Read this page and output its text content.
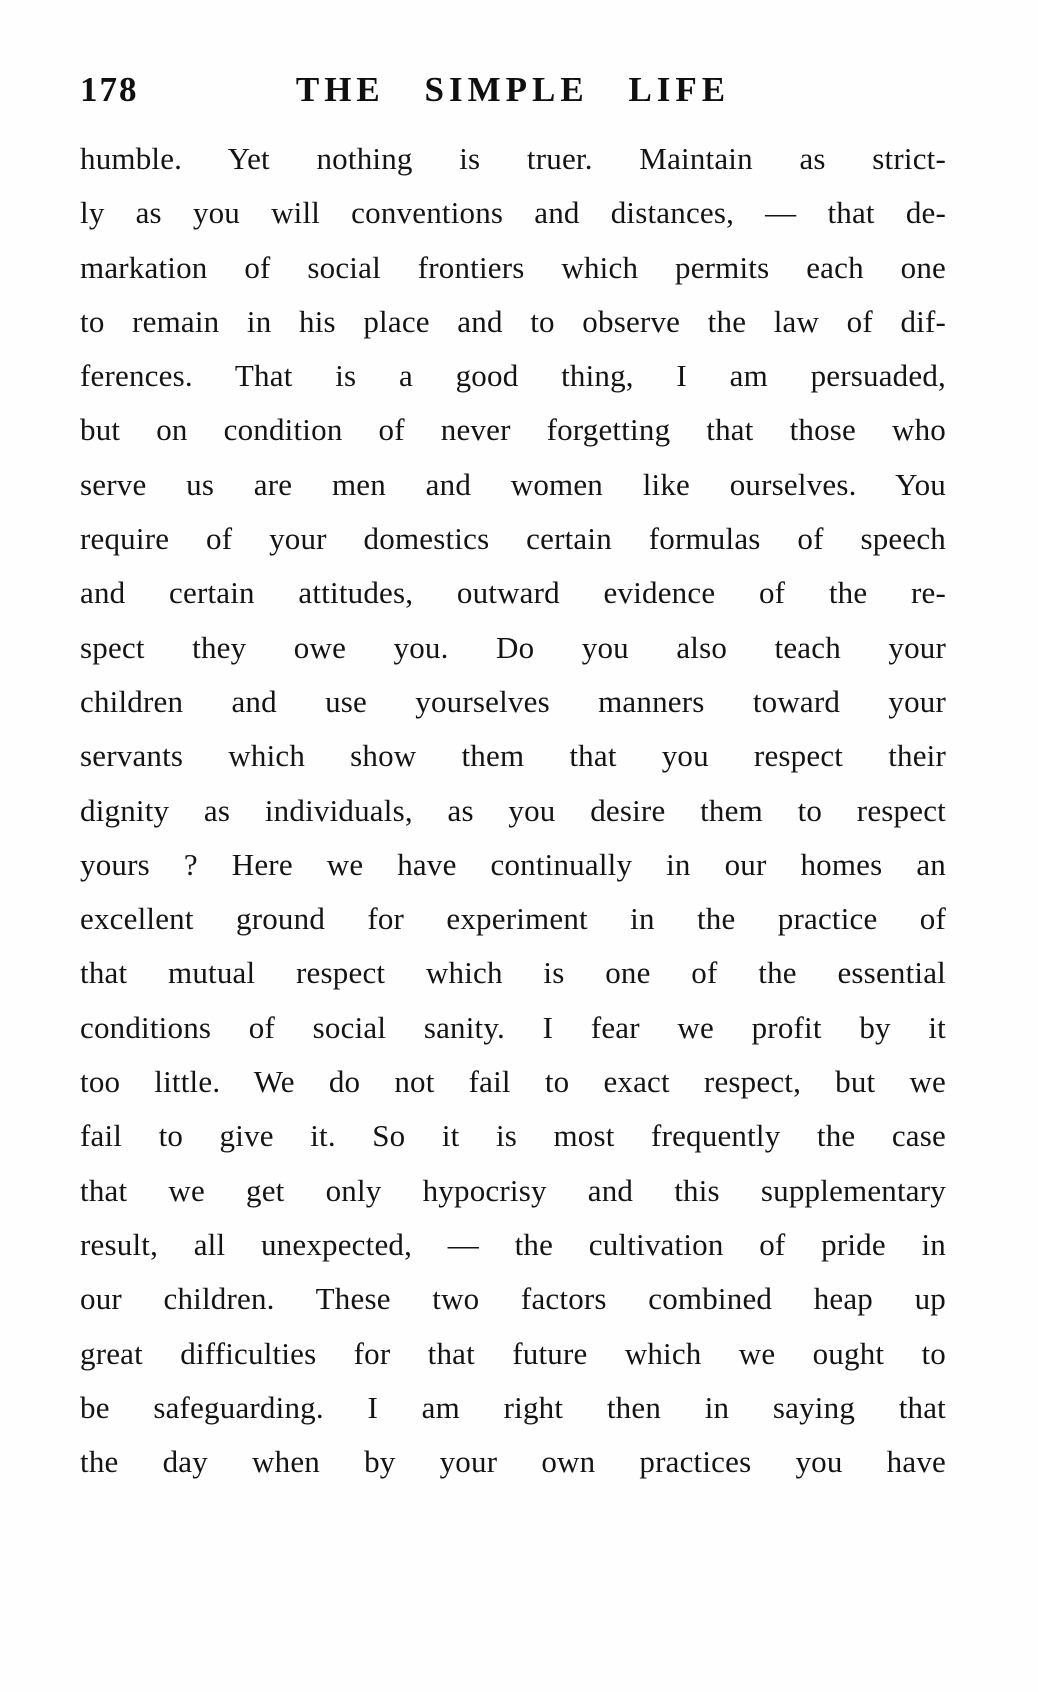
178	THE SIMPLE LIFE
humble. Yet nothing is truer. Maintain as strict-
ly as you will conventions and distances, — that de-
markation of social frontiers which permits each one
to remain in his place and to observe the law of dif-
ferences. That is a good thing, I am persuaded,
but on condition of never forgetting that those who
serve us are men and women like ourselves. You
require of your domestics certain formulas of speech
and certain attitudes, outward evidence of the re-
spect they owe you. Do you also teach your
children and use yourselves manners toward your
servants which show them that you respect their
dignity as individuals, as you desire them to respect
yours ? Here we have continually in our homes an
excellent ground for experiment in the practice of
that mutual respect which is one of the essential
conditions of social sanity. I fear we profit by it
too little. We do not fail to exact respect, but we
fail to give it. So it is most frequently the case
that we get only hypocrisy and this supplementary
result, all unexpected, — the cultivation of pride in
our children. These two factors combined heap up
great difficulties for that future which we ought to
be safeguarding. I am right then in saying that
the day when by your own practices you have
